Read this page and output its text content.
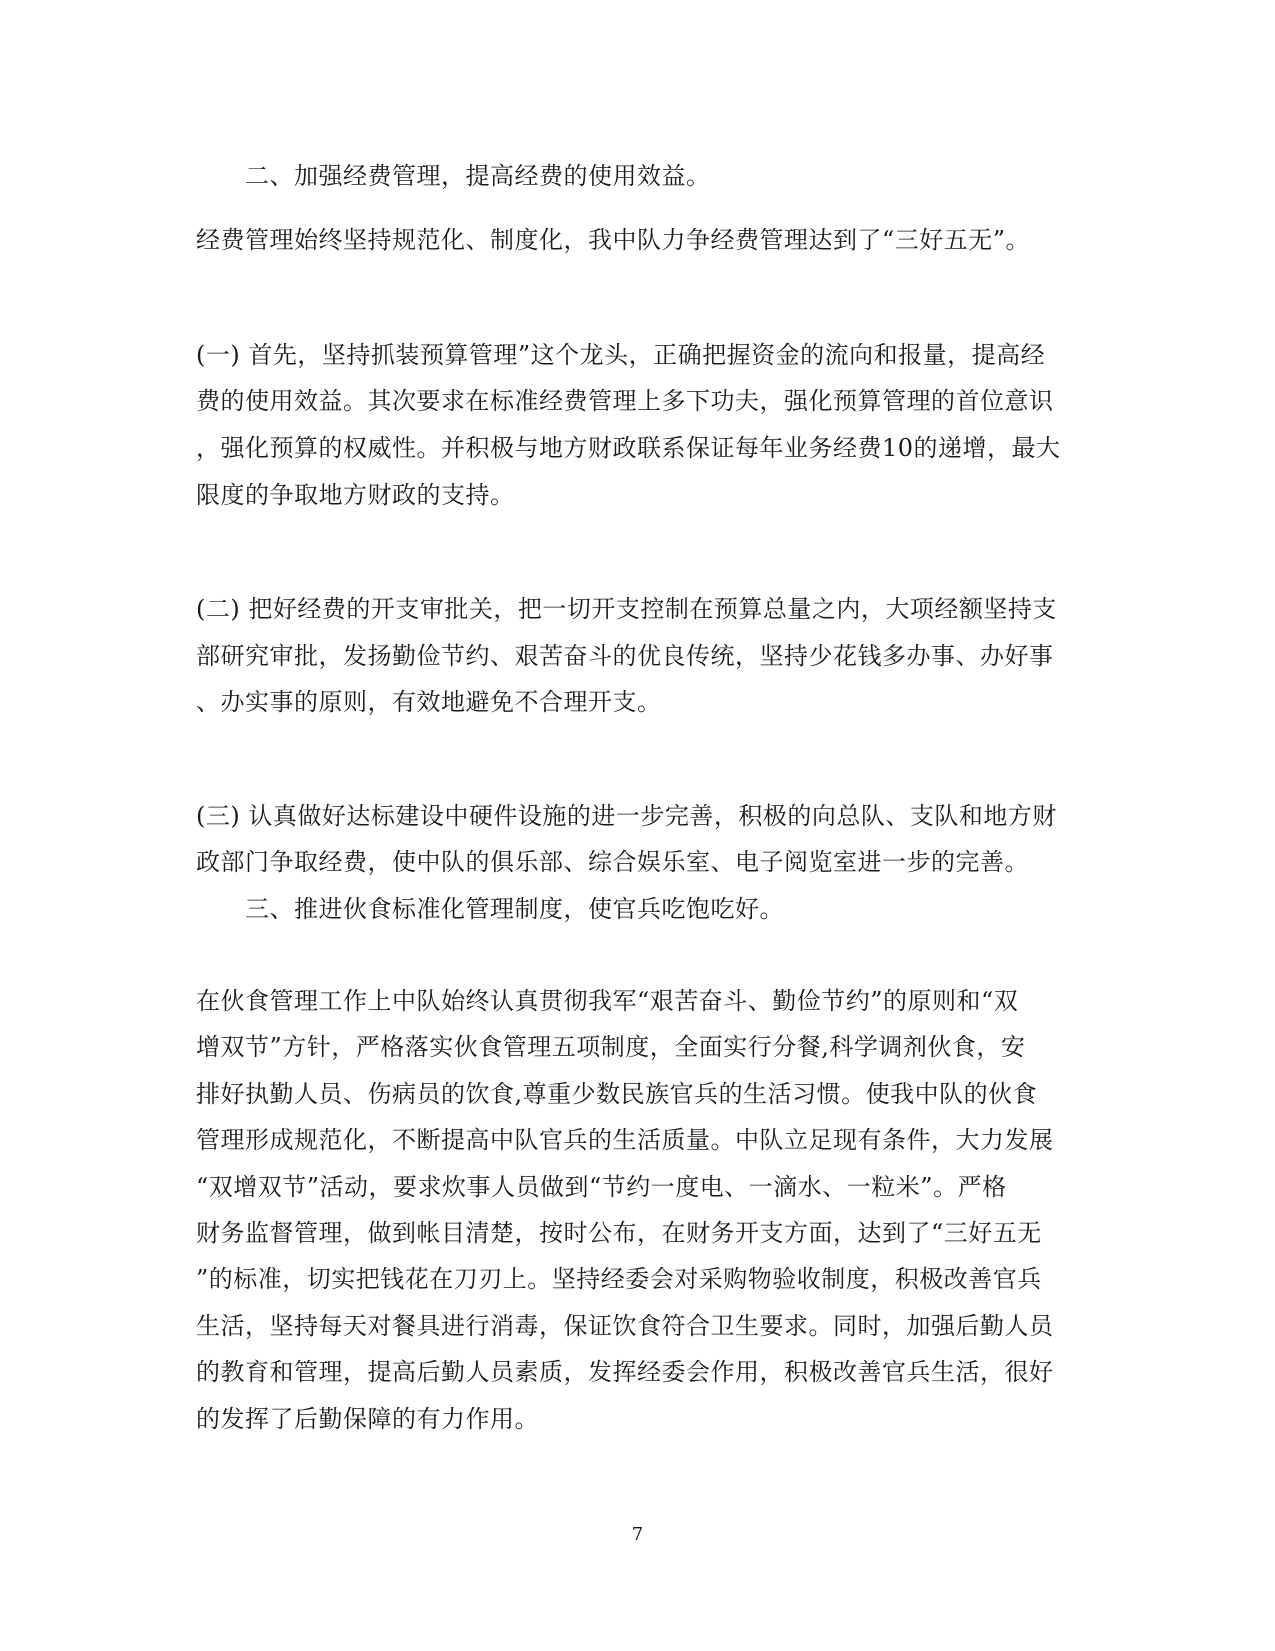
二、加强经费管理，提高经费的使用效益。
经费管理始终坚持规范化、制度化，我中队力争经费管理达到了“三好五无”。
(一) 首先，坚持抓装预算管理”这个龙头，正确把握资金的流向和报量，提高经
费的使用效益。其次要求在标准经费管理上多下功夫，强化预算管理的首位意识
，强化预算的权威性。并积极与地方财政联系保证每年业务经费10的递增，最大
限度的争取地方财政的支持。
(二) 把好经费的开支审批关，把一切开支控制在预算总量之内，大项经额坚持支
部研究审批，发扬勤俭节约、艰苦奋斗的优良传统，坚持少花钱多办事、办好事
、办实事的原则，有效地避免不合理开支。
(三) 认真做好达标建设中硬件设施的进一步完善，积极的向总队、支队和地方财
政部门争取经费，使中队的俱乐部、综合娱乐室、电子阅览室进一步的完善。
三、推进伙食标准化管理制度，使官兵吃饱吃好。
在伙食管理工作上中队始终认真贯彻我军“艰苦奋斗、勤俭节约”的原则和“双
增双节”方针，严格落实伙食管理五项制度，全面实行分餐,科学调剂伙食，安
排好执勤人员、伤病员的饮食,尊重少数民族官兵的生活习惯。使我中队的伙食
管理形成规范化，不断提高中队官兵的生活质量。中队立足现有条件，大力发展
“双增双节”活动，要求炊事人员做到“节约一度电、一滴水、一粒米”。严格
财务监督管理，做到帐目清楚，按时公布，在财务开支方面，达到了“三好五无
”的标准，切实把钱花在刀刃上。坚持经委会对采购物验收制度，积极改善官兵
生活，坚持每天对餐具进行消毒，保证饮食符合卫生要求。同时，加强后勤人员
的教育和管理，提高后勤人员素质，发挥经委会作用，积极改善官兵生活，很好
的发挥了后勤保障的有力作用。
7
